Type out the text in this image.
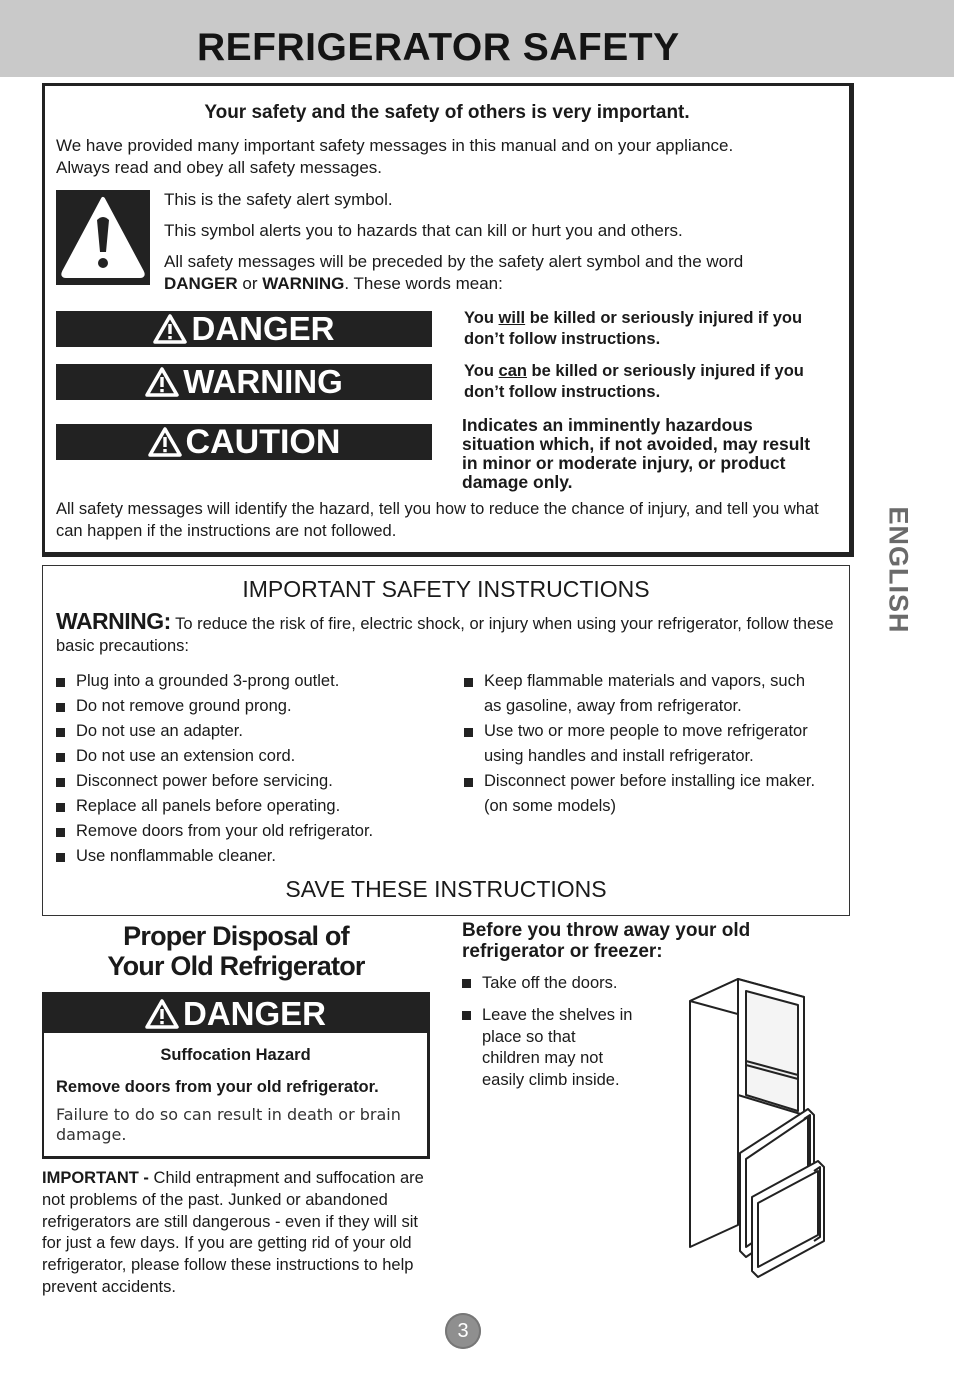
REFRIGERATOR SAFETY
ENGLISH
Your safety and the safety of others is very important.
We have provided many important safety messages in this manual and on your appliance.
Always read and obey all safety messages.
This is the safety alert symbol.
This symbol alerts you to hazards that can kill or hurt you and others.
All safety messages will be preceded by the safety alert symbol and the word
DANGER or WARNING. These words mean:
DANGER	You will be killed or seriously injured if you don’t follow instructions.
WARNING	You can be killed or seriously injured if you don’t follow instructions.
CAUTION	Indicates an imminently hazardous situation which, if not avoided, may result in minor or moderate injury, or product damage only.
All safety messages will identify the hazard, tell you how to reduce the chance of injury, and tell you what can happen if the instructions are not followed.
IMPORTANT SAFETY INSTRUCTIONS
WARNING: To reduce the risk of fire, electric shock, or injury when using your refrigerator, follow these basic precautions:
Plug into a grounded 3-prong outlet.
Do not remove ground prong.
Do not use an adapter.
Do not use an extension cord.
Disconnect power before servicing.
Replace all panels before operating.
Remove doors from your old refrigerator.
Use nonflammable cleaner.
Keep flammable materials and vapors, such as gasoline, away from refrigerator.
Use two or more people to move refrigerator using handles and install refrigerator.
Disconnect power before installing ice maker.
(on some models)
SAVE THESE INSTRUCTIONS
Proper Disposal of
Your Old Refrigerator
DANGER
Suffocation Hazard
Remove doors from your old refrigerator.
Failure to do so can result in death or brain damage.
IMPORTANT - Child entrapment and suffocation are not problems of the past. Junked or abandoned refrigerators are still dangerous - even if they will sit for just a few days. If you are getting rid of your old refrigerator, please follow these instructions to help prevent accidents.
Before you throw away your old refrigerator or freezer:
Take off the doors.
Leave the shelves in place so that children may not easily climb inside.
3
